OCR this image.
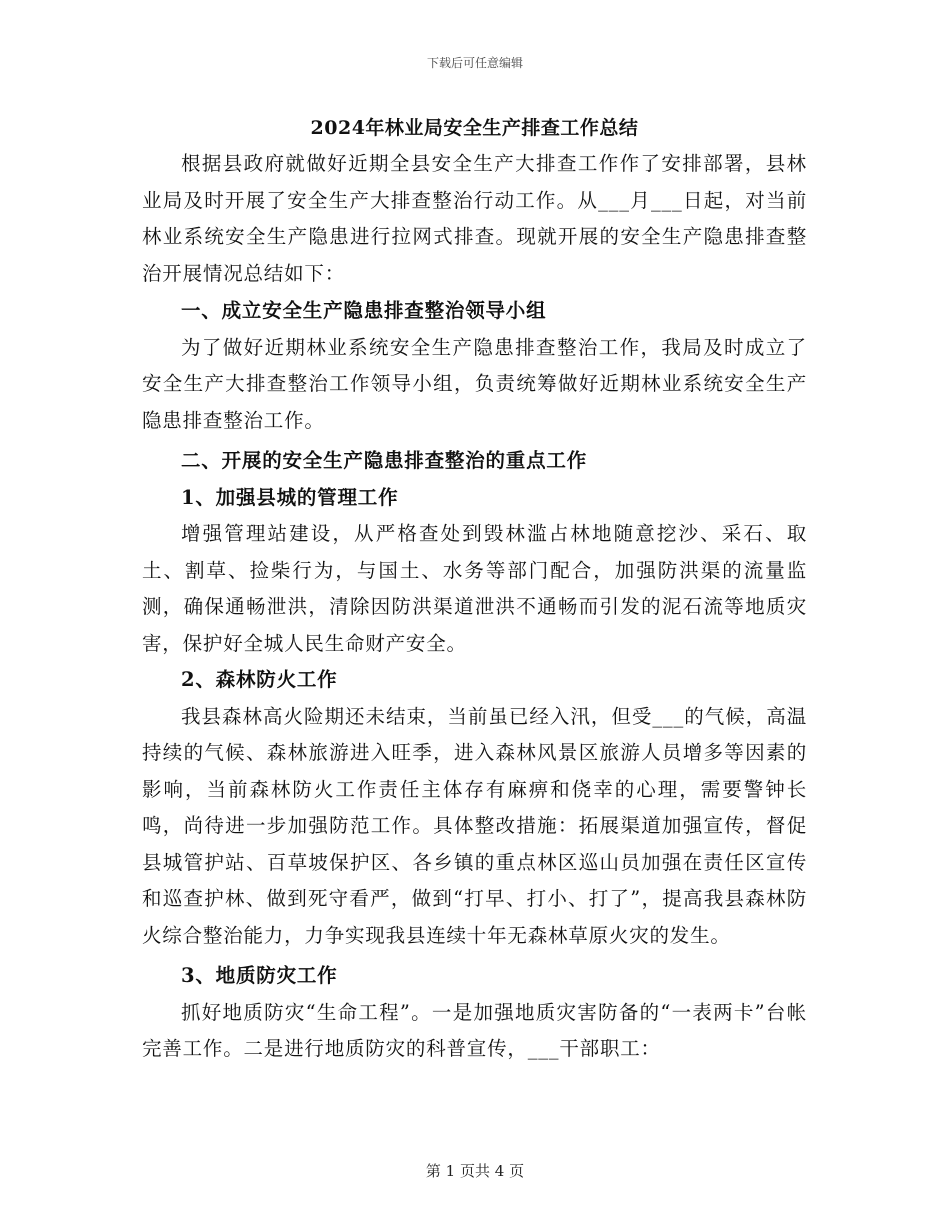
下载后可任意编辑
2024年林业局安全生产排查工作总结

根据县政府就做好近期全县安全生产大排查工作作了安排部署，县林业局及时开展了安全生产大排查整治行动工作。从___月___日起，对当前林业系统安全生产隐患进行拉网式排查。现就开展的安全生产隐患排查整治开展情况总结如下：

一、成立安全生产隐患排查整治领导小组

为了做好近期林业系统安全生产隐患排查整治工作，我局及时成立了安全生产大排查整治工作领导小组，负责统筹做好近期林业系统安全生产隐患排查整治工作。

二、开展的安全生产隐患排查整治的重点工作

1、加强县城的管理工作

增强管理站建设，从严格查处到毁林滥占林地随意挖沙、采石、取土、割草、捡柴行为，与国土、水务等部门配合，加强防洪渠的流量监测，确保通畅泄洪，清除因防洪渠道泄洪不通畅而引发的泥石流等地质灾害，保护好全城人民生命财产安全。

2、森林防火工作

我县森林高火险期还未结束，当前虽已经入汛，但受___的气候，高温持续的气候、森林旅游进入旺季，进入森林风景区旅游人员增多等因素的影响，当前森林防火工作责任主体存有麻痹和侥幸的心理，需要警钟长鸣，尚待进一步加强防范工作。具体整改措施：拓展渠道加强宣传，督促县城管护站、百草坡保护区、各乡镇的重点林区巡山员加强在责任区宣传和巡查护林、做到死守看严，做到“打早、打小、打了”，提高我县森林防火综合整治能力，力争实现我县连续十年无森林草原火灾的发生。

3、地质防灾工作

抓好地质防灾“生命工程”。一是加强地质灾害防备的“一表两卡”台帐完善工作。二是进行地质防灾的科普宣传，___干部职工：

第 1 页共 4 页
